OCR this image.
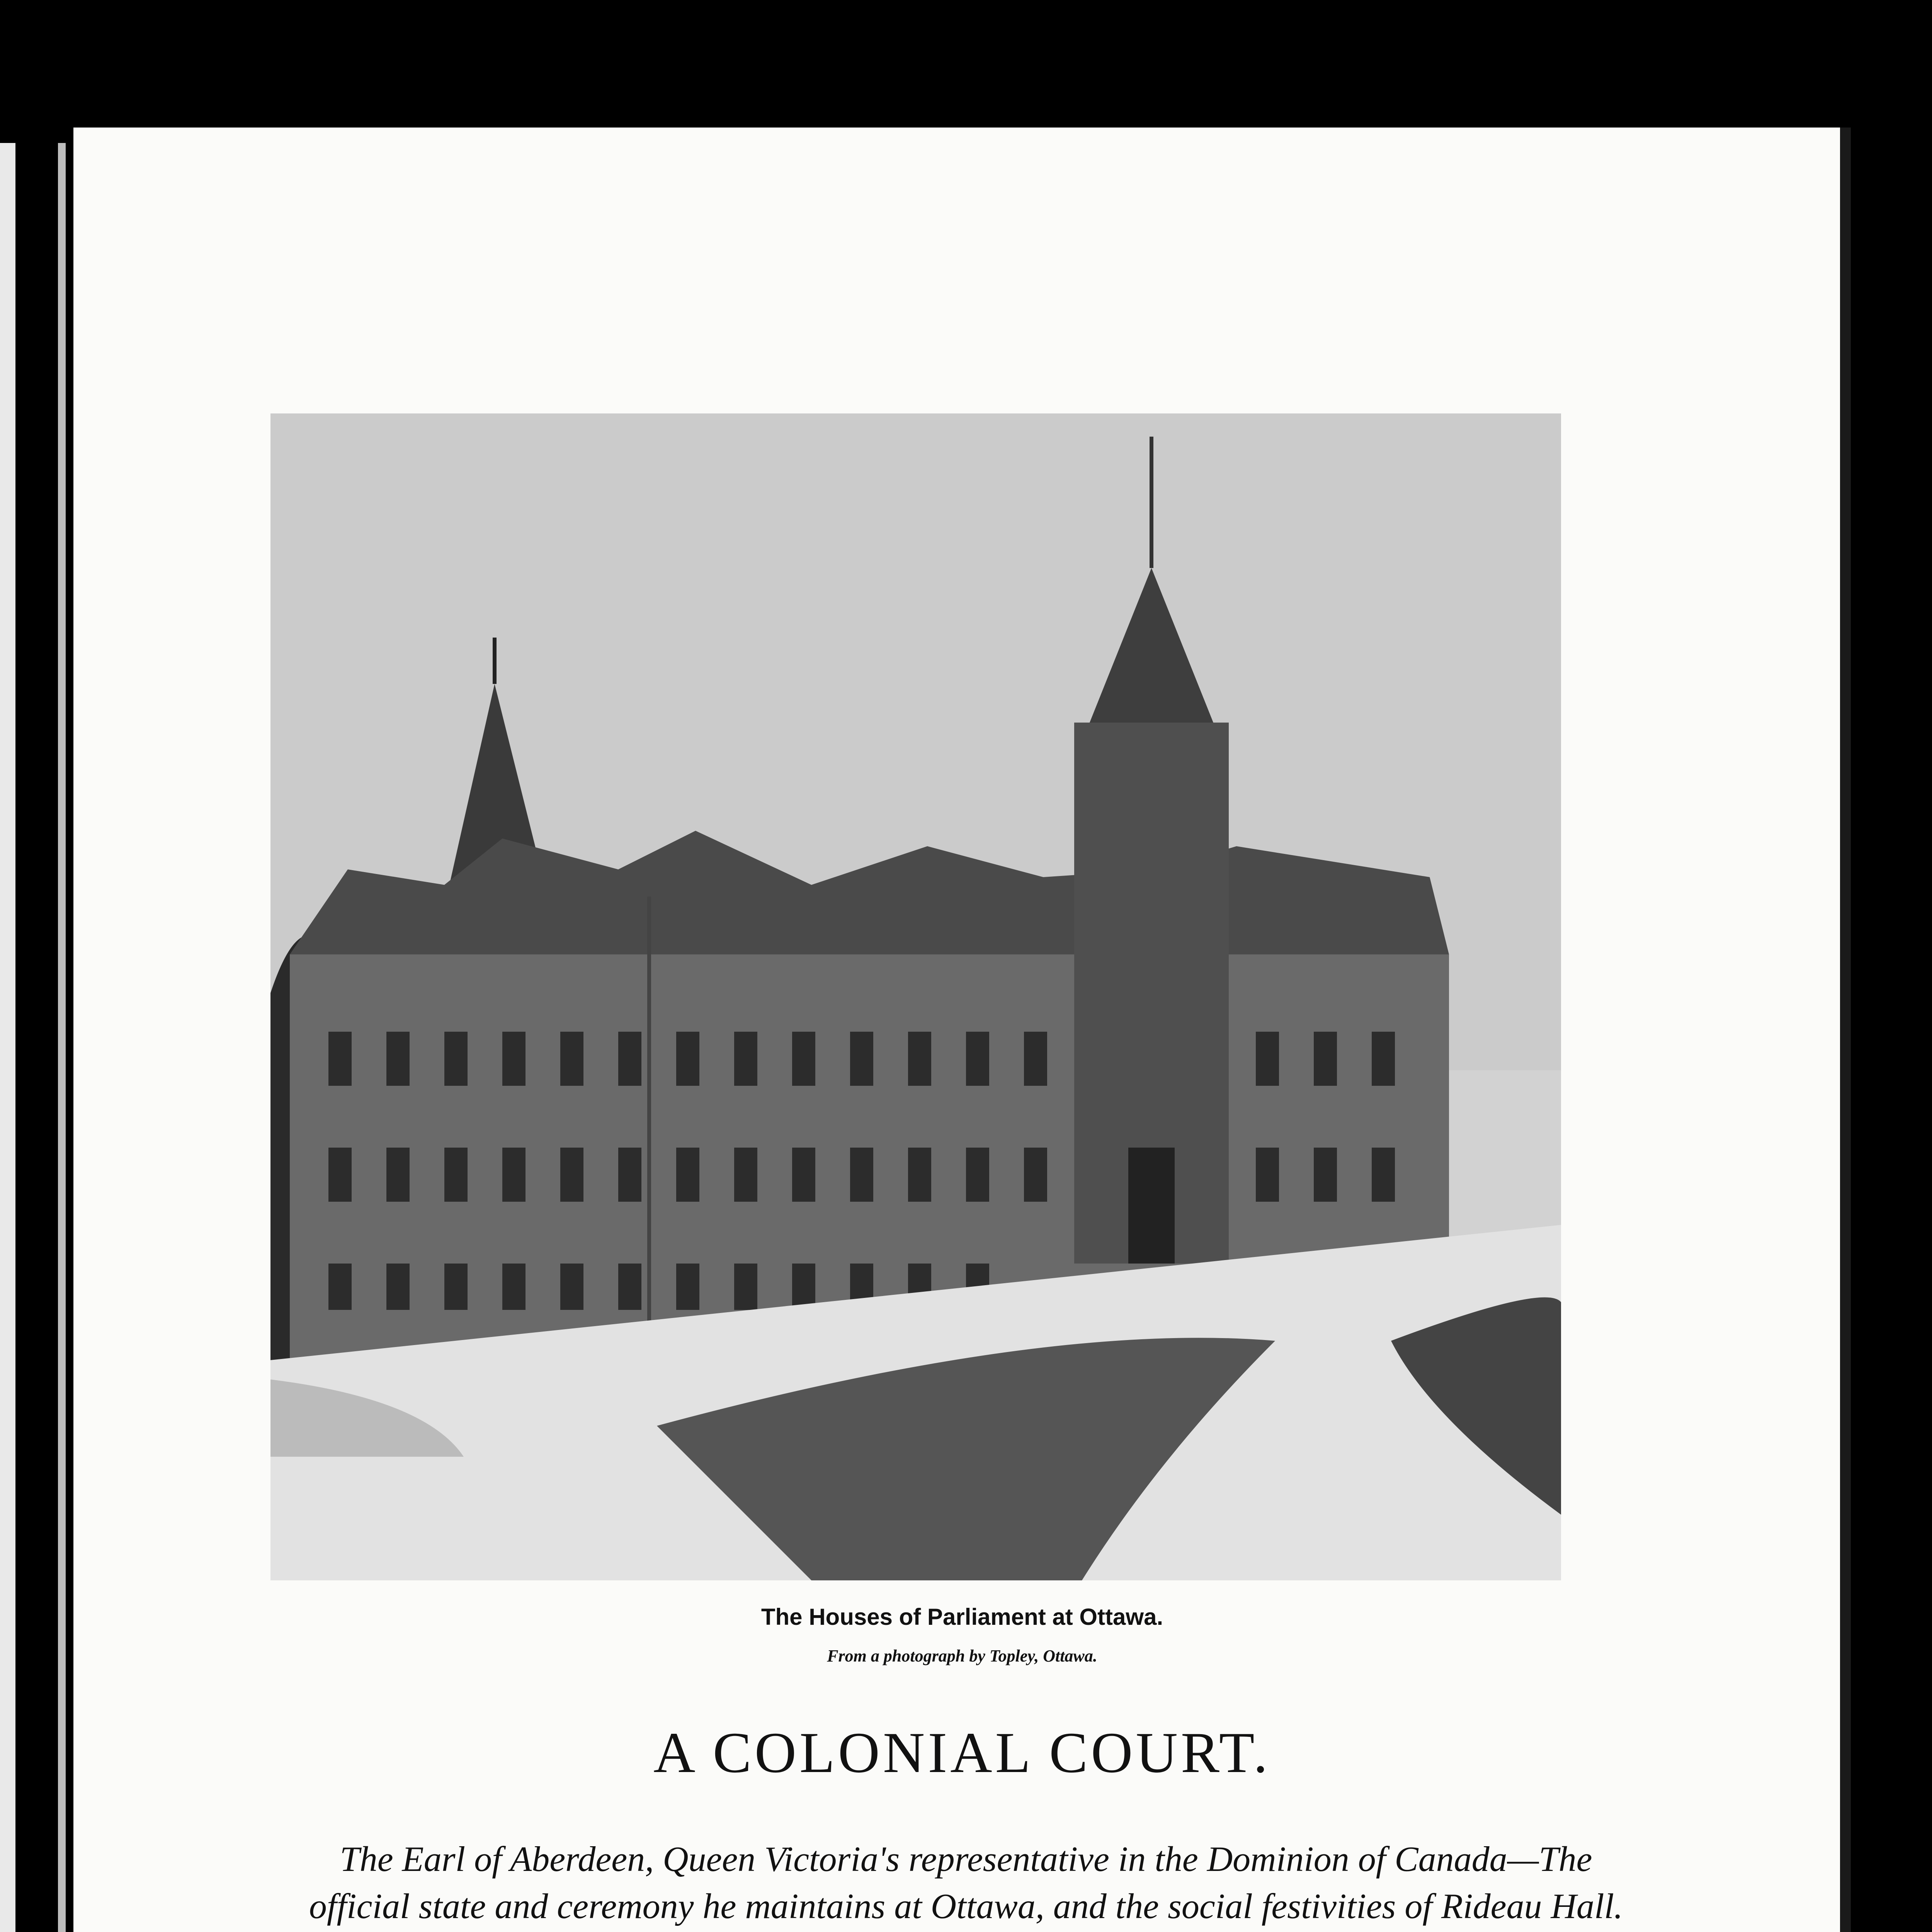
The Houses of Parliament at Ottawa.
From a photograph by Topley, Ottawa.
A COLONIAL COURT.
The Earl of Aberdeen, Queen Victoria's representative in the Dominion of Canada—The official state and ceremony he maintains at Ottawa, and the social festivities of Rideau Hall.
